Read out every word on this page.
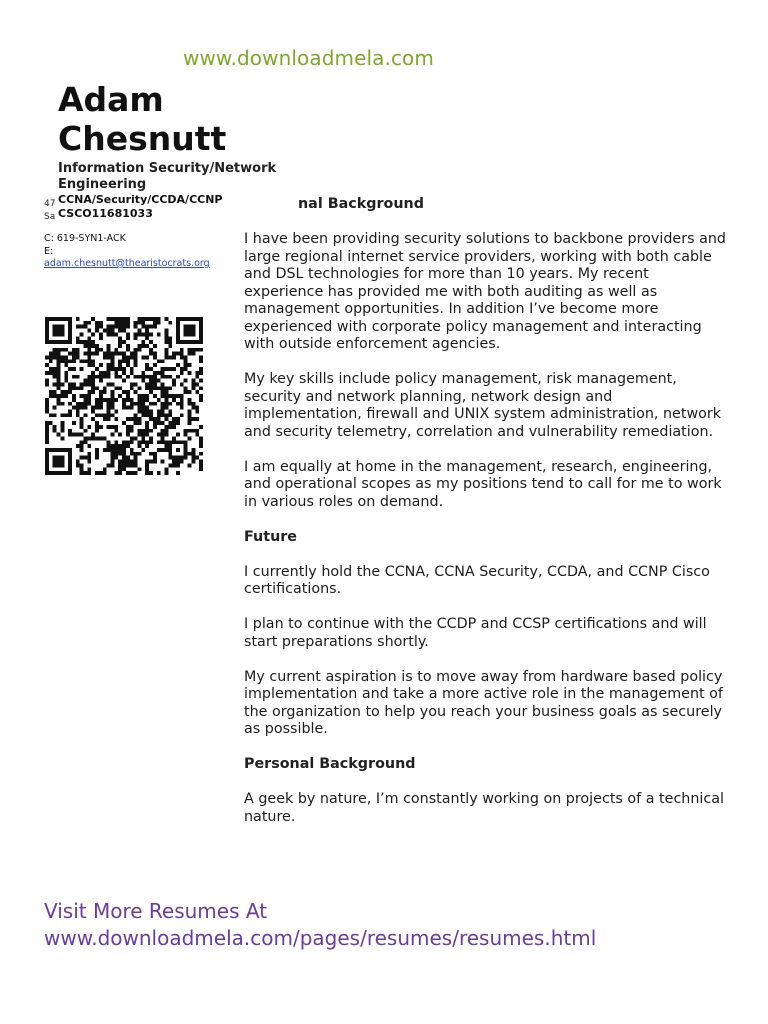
www.downloadmela.com
Adam
Chesnutt
Information Security/Network Engineering
47
Sa
CCNA/Security/CCDA/CCNP
CSCO11681033
C: 619-SYN1-ACK
E:
adam.chesnutt@thearistocrats.org
nal Background

I have been providing security solutions to backbone providers and large regional internet service providers, working with both cable and DSL technologies for more than 10 years. My recent experience has provided me with both auditing as well as management opportunities. In addition I’ve become more experienced with corporate policy management and interacting with outside enforcement agencies.

My key skills include policy management, risk management, security and network planning, network design and implementation, firewall and UNIX system administration, network and security telemetry, correlation and vulnerability remediation.

I am equally at home in the management, research, engineering, and operational scopes as my positions tend to call for me to work in various roles on demand.

Future

I currently hold the CCNA, CCNA Security, CCDA, and CCNP Cisco certifications.

I plan to continue with the CCDP and CCSP certifications and will start preparations shortly.

My current aspiration is to move away from hardware based policy implementation and take a more active role in the management of the organization to help you reach your business goals as securely as possible.

Personal Background

A geek by nature, I’m constantly working on projects of a technical nature.

Visit More Resumes At
www.downloadmela.com/pages/resumes/resumes.html
